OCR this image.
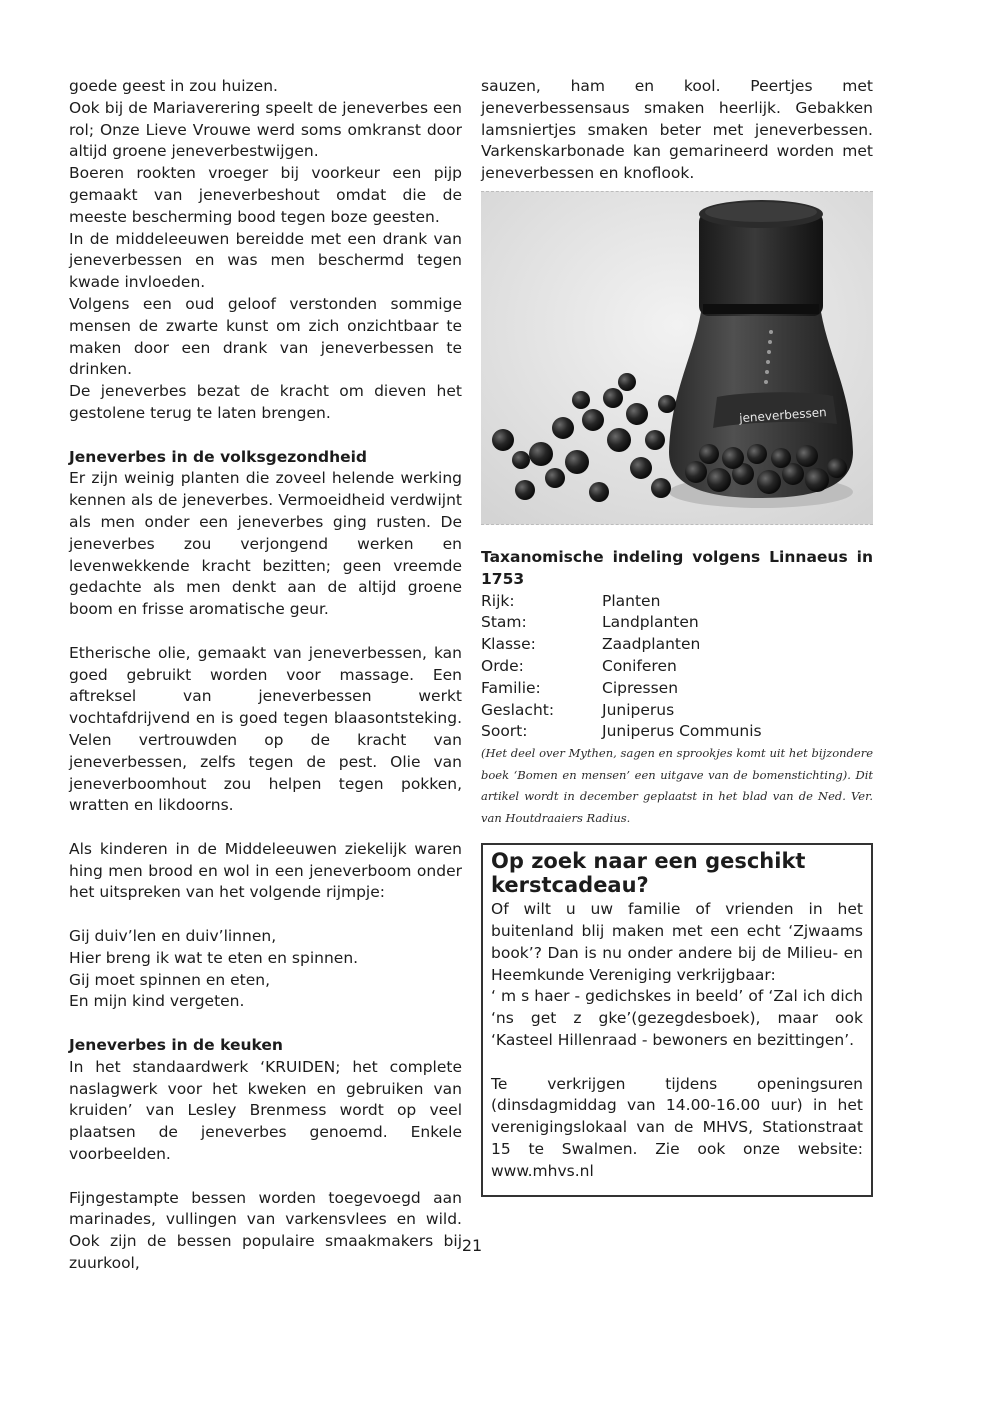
goede geest in zou huizen.

Ook bij de Mariaverering speelt de jeneverbes een rol; Onze Lieve Vrouwe werd soms omkranst door altijd groene jeneverbestwijgen.

Boeren rookten vroeger bij voorkeur een pijp gemaakt van jeneverbeshout omdat die de meeste bescherming bood tegen boze geesten.

In de middeleeuwen bereidde met een drank van jeneverbessen en was men beschermd tegen kwade invloeden.

Volgens een oud geloof verstonden sommige mensen de zwarte kunst om zich onzichtbaar te maken door een drank van jeneverbessen te drinken.

De jeneverbes bezat de kracht om dieven het gestolene terug te laten brengen.

Jeneverbes in de volksgezondheid

Er zijn weinig planten die zoveel helende werking kennen als de jeneverbes. Vermoeidheid verdwijnt als men onder een jeneverbes ging rusten. De jeneverbes zou verjongend werken en levenwekkende kracht bezitten; geen vreemde gedachte als men denkt aan de altijd groene boom en frisse aromatische geur.

Etherische olie, gemaakt van jeneverbessen, kan goed gebruikt worden voor massage. Een aftreksel van jeneverbessen werkt vochtafdrijvend en is goed tegen blaasontsteking. Velen vertrouwden op de kracht van jeneverbessen, zelfs tegen de pest. Olie van jeneverboomhout zou helpen tegen pokken, wratten en likdoorns.

Als kinderen in de Middeleeuwen ziekelijk waren hing men brood en wol in een jeneverboom onder het uitspreken van het volgende rijmpje:

Gij duiv’len en duiv’linnen,

Hier breng ik wat te eten en spinnen.

Gij moet spinnen en eten,

En mijn kind vergeten.

Jeneverbes in de keuken

In het standaardwerk ‘KRUIDEN; het complete naslagwerk voor het kweken en gebruiken van kruiden’ van Lesley Brenmess wordt op veel plaatsen de jeneverbes genoemd. Enkele voorbeelden.

Fijngestampte bessen worden toegevoegd aan marinades, vullingen van varkensvlees en wild. Ook zijn de bessen populaire smaakmakers bij zuurkool,

sauzen, ham en kool. Peertjes met jeneverbessensaus smaken heerlijk. Gebakken lamsniertjes smaken beter met jeneverbessen. Varkenskarbonade kan gemarineerd worden met jeneverbessen en knoflook.

jeneverbessen

Taxanomische indeling volgens Linnaeus in 1753

Rijk:	Planten
Stam:	Landplanten
Klasse:	Zaadplanten
Orde:	Coniferen
Familie:	Cipressen
Geslacht:	Juniperus
Soort:	Juniperus Communis

(Het deel over Mythen, sagen en sprookjes komt uit het bijzondere boek ‘Bomen en mensen’ een uitgave van de bomenstichting). Dit artikel wordt in december geplaatst in het blad van de Ned. Ver. van Houtdraaiers Radius.

Op zoek naar een geschikt kerstcadeau?

Of wilt u uw familie of vrienden in het buitenland blij maken met een echt ‘Zjwaams book’? Dan is nu onder andere bij de Milieu- en Heemkunde Vereniging verkrijgbaar:

‘ m s haer - gedichskes in beeld’ of ‘Zal ich dich ‘ns get z gke’(gezegdesboek), maar ook ‘Kasteel Hillenraad - bewoners en bezittingen’.

Te verkrijgen tijdens openingsuren (dinsdagmiddag van 14.00-16.00 uur) in het verenigingslokaal van de MHVS, Stationstraat 15 te Swalmen. Zie ook onze website: www.mhvs.nl

21
